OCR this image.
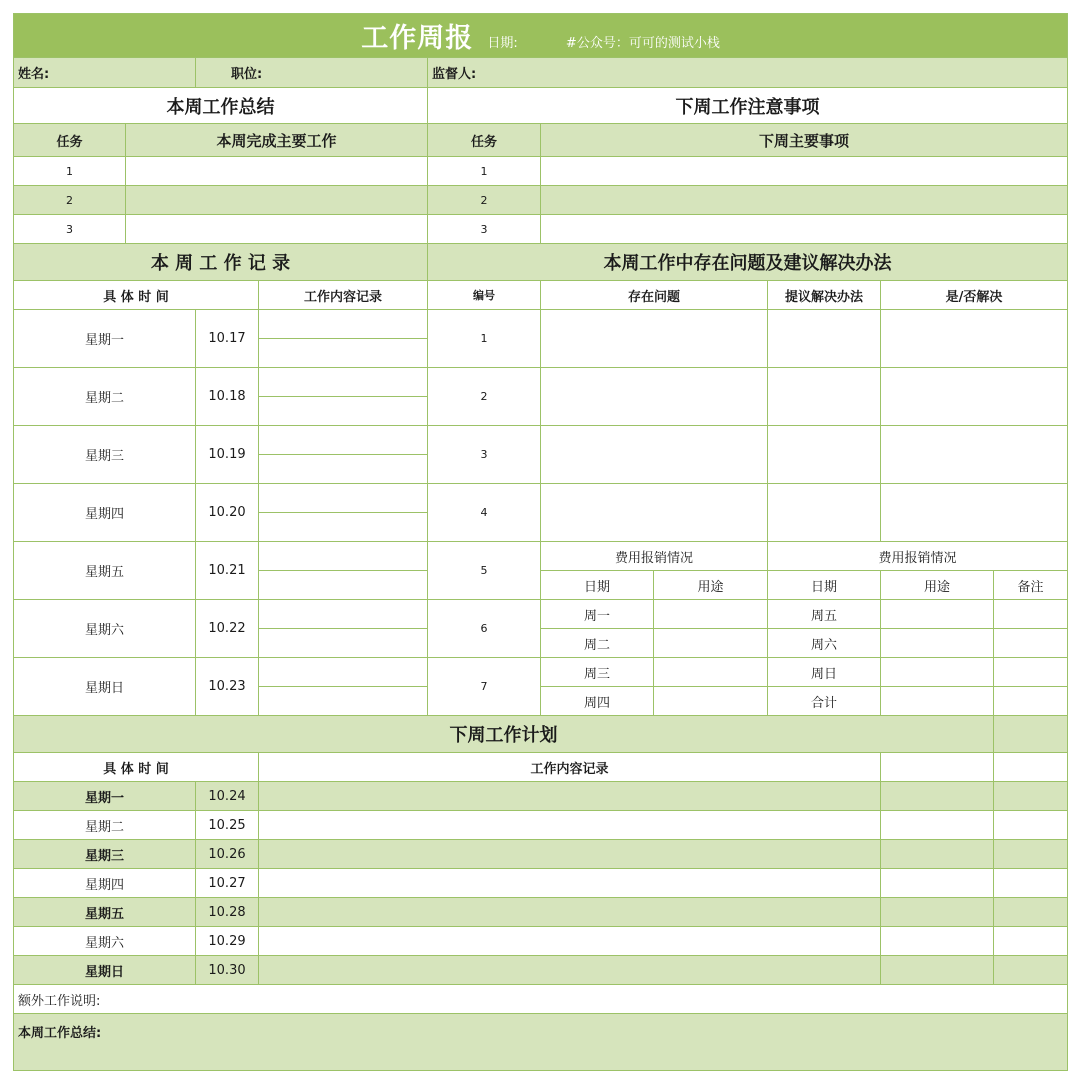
工作周报 日期: #公众号：可可的测试小栈									
姓名:		职位:		监督人:					
本周工作总结				下周工作注意事项					
任务	本周完成主要工作			任务	下周主要事项				
1				1					
2				2					
3				3					
本 周 工 作 记 录				本周工作中存在问题及建议解决办法					
具 体 时 间			工作内容记录	编号	存在问题		提议解决办法	是/否解决	
星期一		10.17		1					

星期二		10.18		2					

星期三		10.19		3					

星期四		10.20		4					

星期五		10.21		5	费用报销情况		费用报销情况		
					日期	用途	日期	用途	备注
星期六		10.22		6	周一		周五		
					周二		周六		
星期日		10.23		7	周三		周日		
					周四		合计		
下周工作计划									
具 体 时 间			工作内容记录						
星期一		10.24							
星期二		10.25							
星期三		10.26							
星期四		10.27							
星期五		10.28							
星期六		10.29							
星期日		10.30							
额外工作说明:									
本周工作总结:									
